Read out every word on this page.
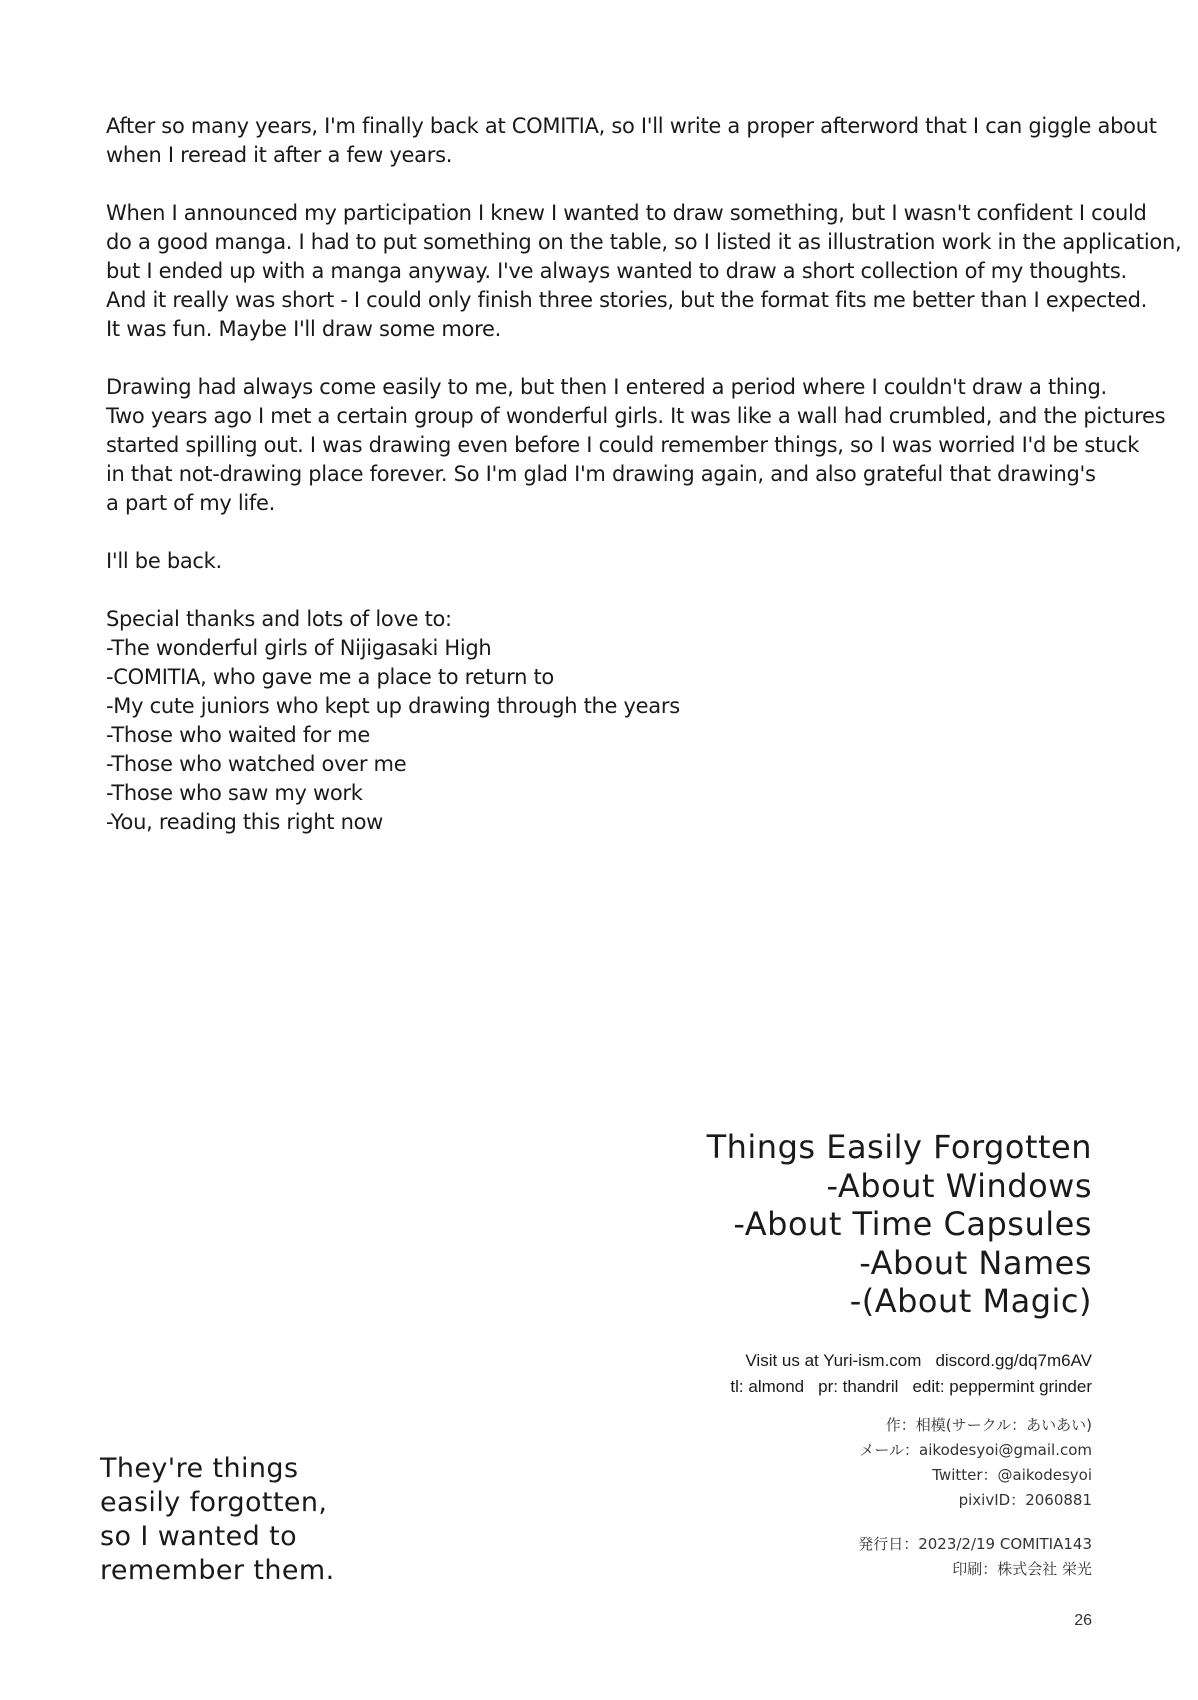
After so many years, I'm finally back at COMITIA, so I'll write a proper afterword that I can giggle about
when I reread it after a few years.

When I announced my participation I knew I wanted to draw something, but I wasn't confident I could
do a good manga. I had to put something on the table, so I listed it as illustration work in the application,
but I ended up with a manga anyway. I've always wanted to draw a short collection of my thoughts.
And it really was short - I could only finish three stories, but the format fits me better than I expected.
It was fun. Maybe I'll draw some more.

Drawing had always come easily to me, but then I entered a period where I couldn't draw a thing.
Two years ago I met a certain group of wonderful girls. It was like a wall had crumbled, and the pictures
started spilling out. I was drawing even before I could remember things, so I was worried I'd be stuck
in that not-drawing place forever. So I'm glad I'm drawing again, and also grateful that drawing's
a part of my life.

I'll be back.

Special thanks and lots of love to:
-The wonderful girls of Nijigasaki High
-COMITIA, who gave me a place to return to
-My cute juniors who kept up drawing through the years
-Those who waited for me
-Those who watched over me
-Those who saw my work
-You, reading this right now

Things Easily Forgotten
-About Windows
-About Time Capsules
-About Names
-(About Magic)
Visit us at Yuri-ism.com discord.gg/dq7m6AV
tl: almond pr: thandril edit: peppermint grinder
作：相模(サークル：あいあい)
メール：aikodesyoi@gmail.com
Twitter：@aikodesyoi
pixivID：2060881
発行日：2023/2/19 COMITIA143
印刷：株式会社 栄光
They're things
easily forgotten,
so I wanted to
remember them.
26
